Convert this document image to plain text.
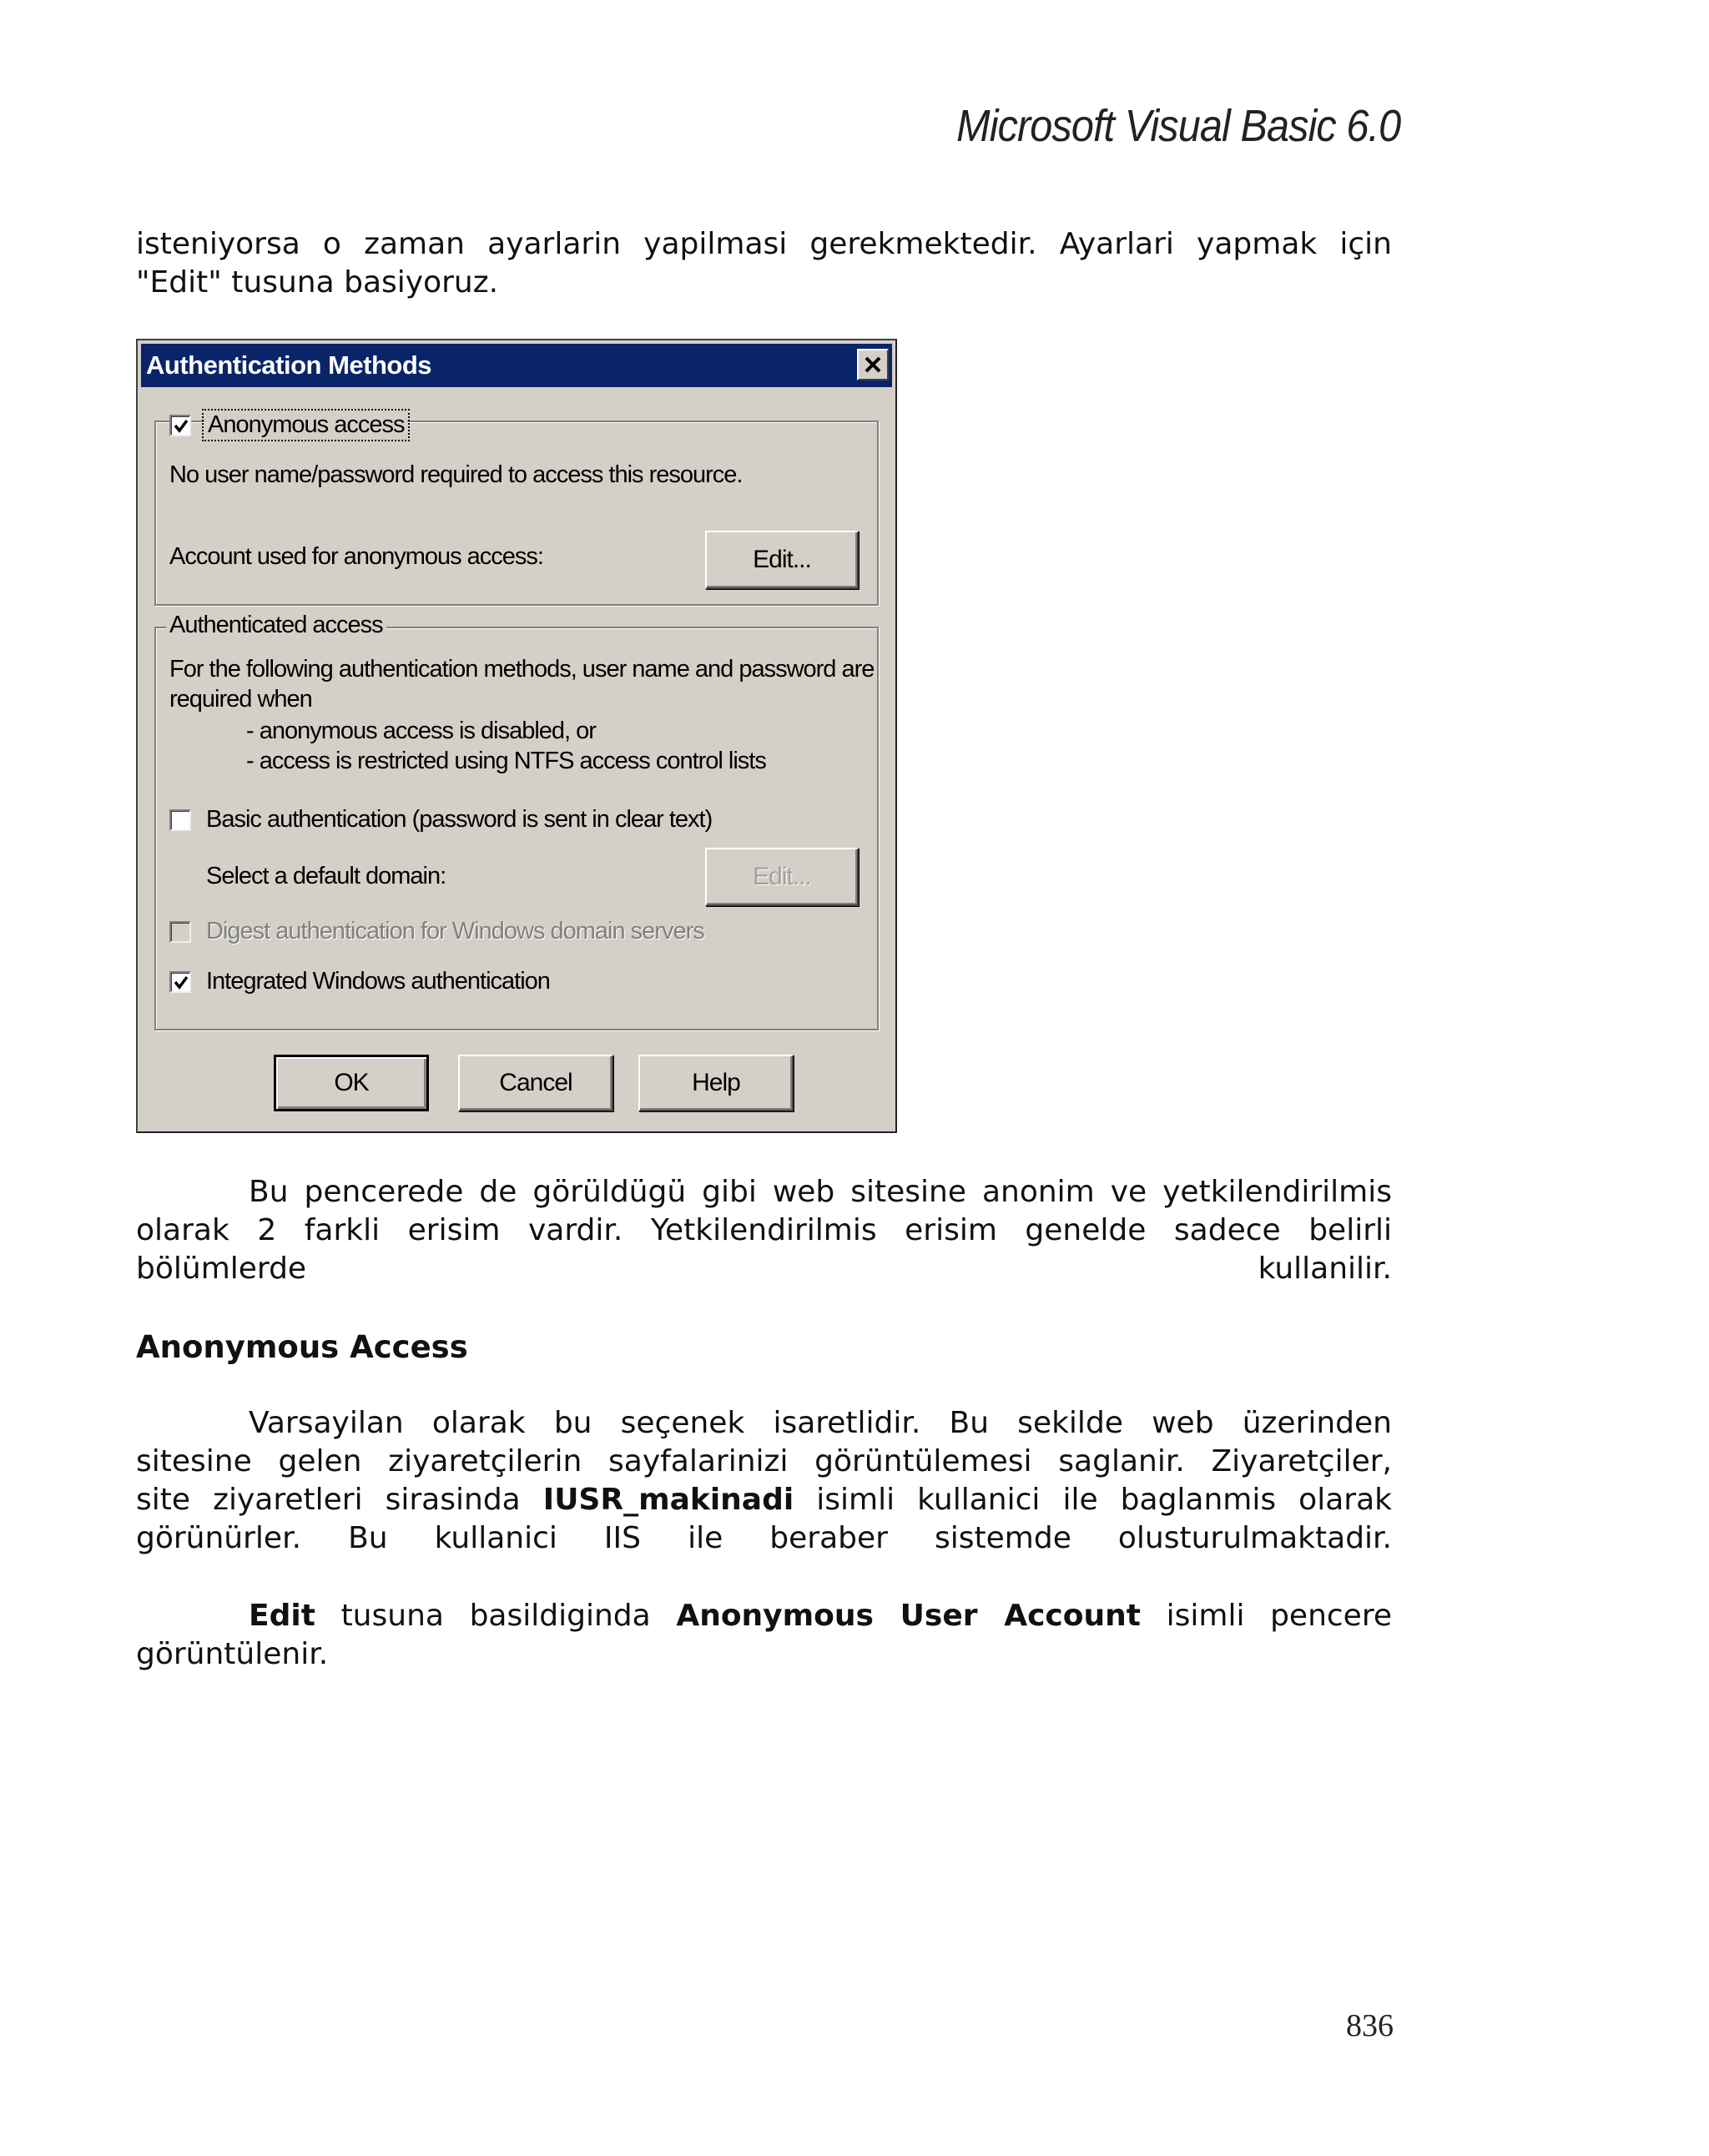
Microsoft Visual Basic 6.0
isteniyorsa o zaman ayarlarin yapilmasi gerekmektedir. Ayarlari yapmak için
"Edit" tusuna basiyoruz.
Authentication Methods
Anonymous access
No user name/password required to access this resource.
Account used for anonymous access:	Edit...
Authenticated access
For the following authentication methods, user name and password are
required when
- anonymous access is disabled, or
- access is restricted using NTFS access control lists
Basic authentication (password is sent in clear text)
Select a default domain:	Edit...
Digest authentication for Windows domain servers
Integrated Windows authentication
OK	Cancel	Help
Bu pencerede de görüldügü gibi web sitesine anonim ve yetkilendirilmis
olarak 2 farkli erisim vardir. Yetkilendirilmis erisim genelde sadece belirli
bölümlerde	kullanilir.
Anonymous Access
Varsayilan olarak bu seçenek isaretlidir. Bu sekilde web üzerinden
sitesine gelen ziyaretçilerin sayfalarinizi görüntülemesi saglanir. Ziyaretçiler,
site ziyaretleri sirasinda IUSR_makinadi isimli kullanici ile baglanmis olarak
görünürler. Bu kullanici IIS ile beraber sistemde olusturulmaktadir.
Edit tusuna basildiginda Anonymous User Account isimli pencere
görüntülenir.
836
